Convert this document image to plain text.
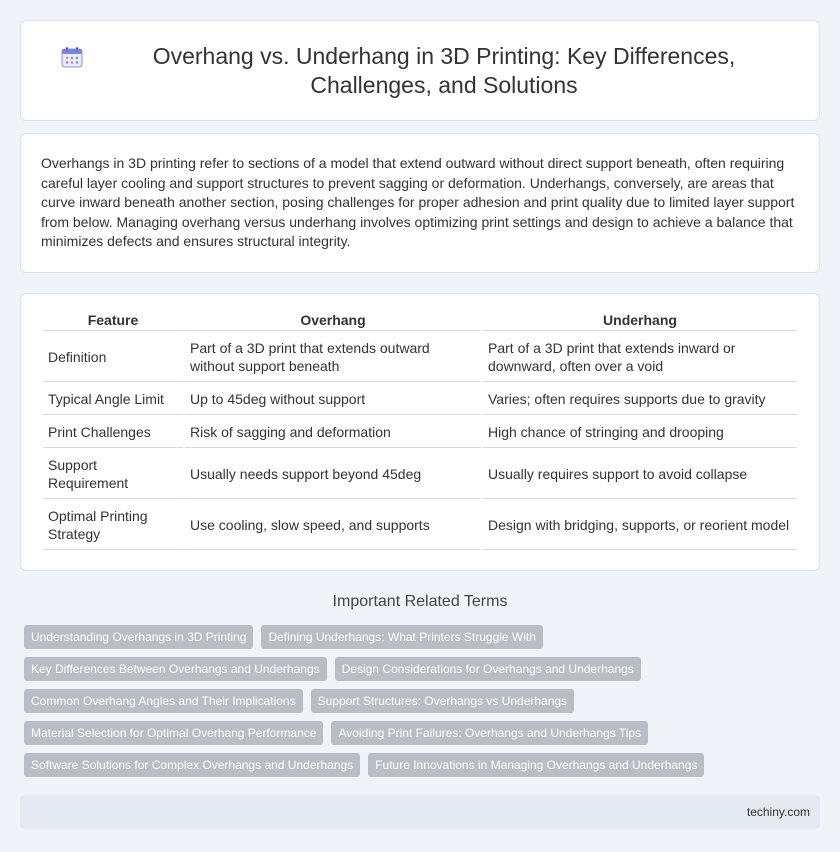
Overhang vs. Underhang in 3D Printing: Key Differences, Challenges, and Solutions

Overhangs in 3D printing refer to sections of a model that extend outward without direct support beneath, often requiring careful layer cooling and support structures to prevent sagging or deformation. Underhangs, conversely, are areas that curve inward beneath another section, posing challenges for proper adhesion and print quality due to limited layer support from below. Managing overhang versus underhang involves optimizing print settings and design to achieve a balance that minimizes defects and ensures structural integrity.

Feature	Overhang	Underhang
Definition	Part of a 3D print that extends outward without support beneath	Part of a 3D print that extends inward or downward, often over a void
Typical Angle Limit	Up to 45deg without support	Varies; often requires supports due to gravity
Print Challenges	Risk of sagging and deformation	High chance of stringing and drooping
Support Requirement	Usually needs support beyond 45deg	Usually requires support to avoid collapse
Optimal Printing Strategy	Use cooling, slow speed, and supports	Design with bridging, supports, or reorient model
Important Related Terms
Understanding Overhangs in 3D Printing	Defining Underhangs: What Printers Struggle With
Key Differences Between Overhangs and Underhangs	Design Considerations for Overhangs and Underhangs
Common Overhang Angles and Their Implications	Support Structures: Overhangs vs Underhangs
Material Selection for Optimal Overhang Performance	Avoiding Print Failures: Overhangs and Underhangs Tips
Software Solutions for Complex Overhangs and Underhangs	Future Innovations in Managing Overhangs and Underhangs
techiny.com
